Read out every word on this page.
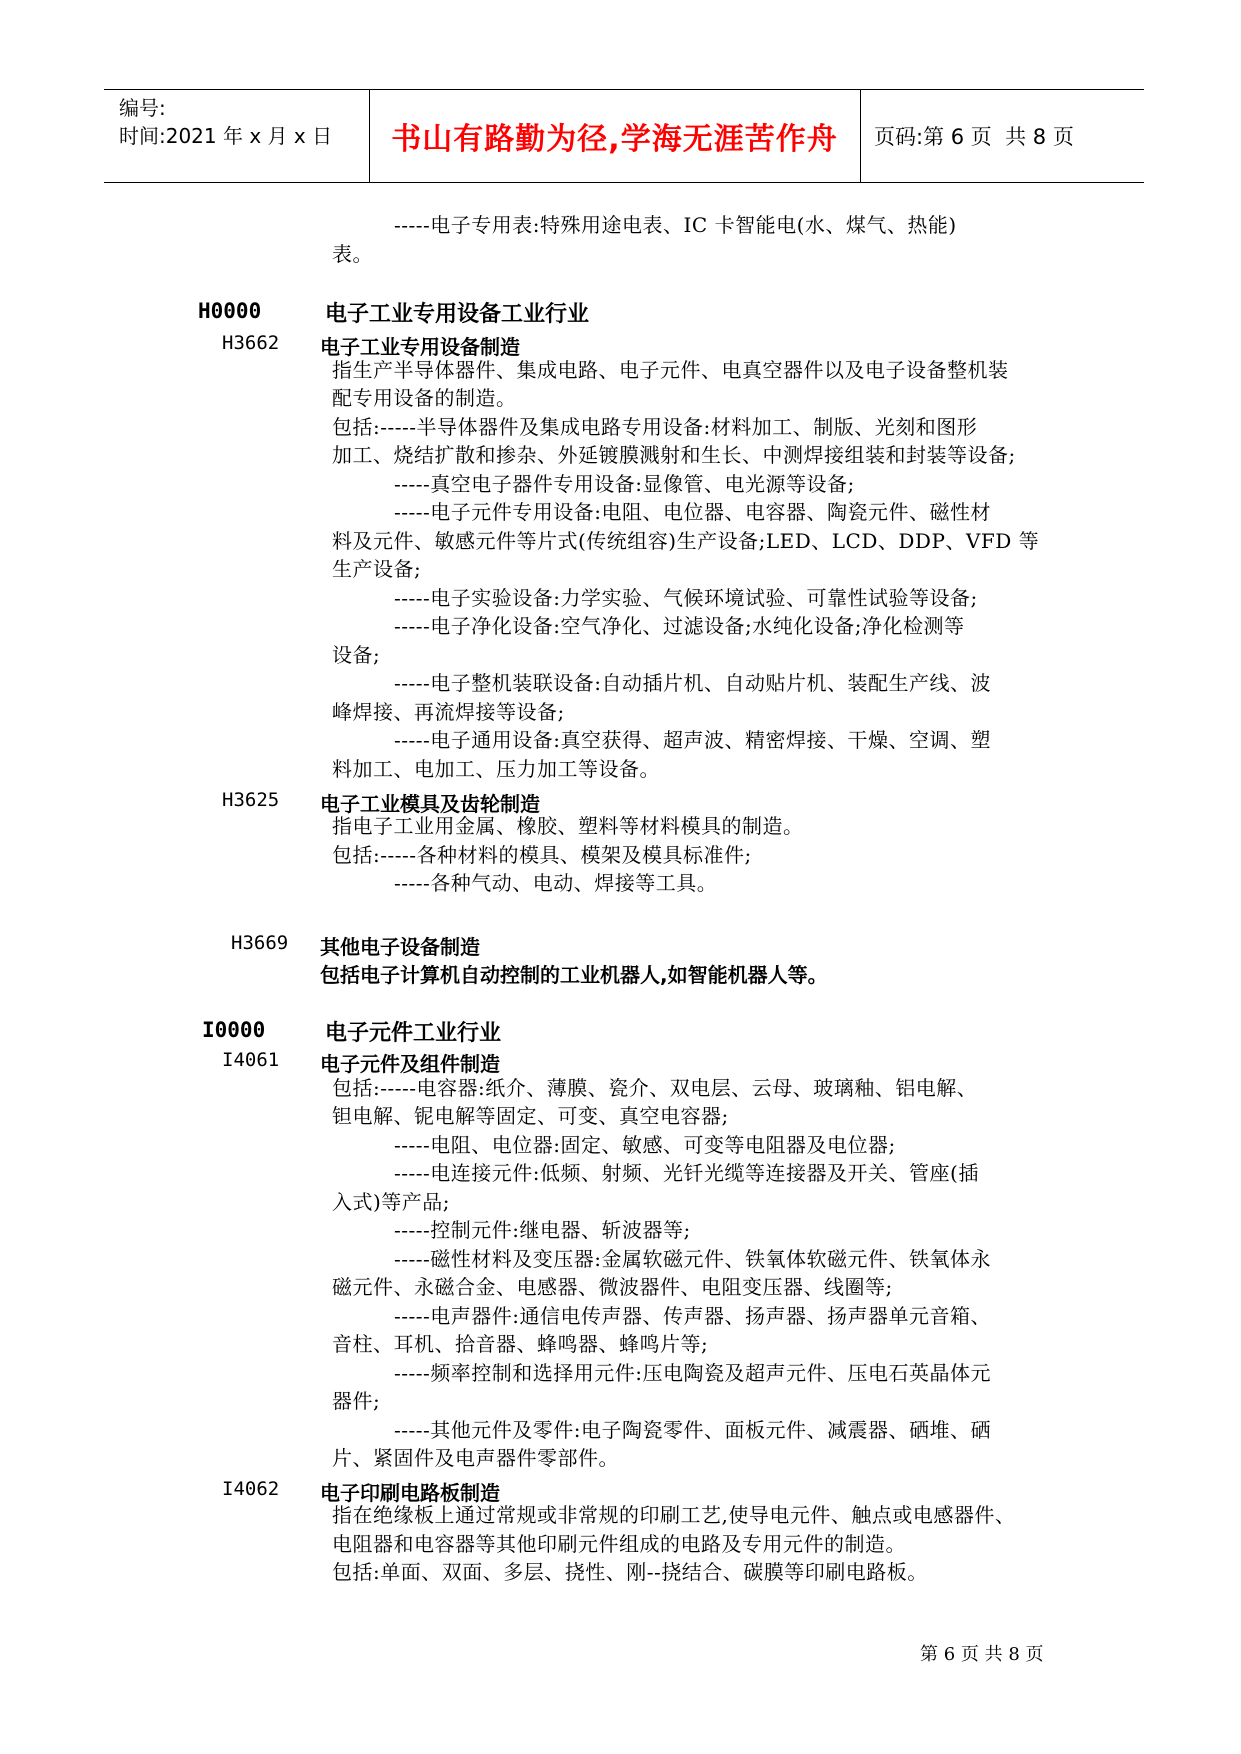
编号:
时间:2021 年 x 月 x 日	书山有路勤为径,学海无涯苦作舟	页码:第 6 页  共 8 页
-----电子专用表:特殊用途电表、IC 卡智能电(水、煤气、热能)
表。
H0000	电子工业专用设备工业行业
H3662 电子工业专用设备制造
指生产半导体器件、集成电路、电子元件、电真空器件以及电子设备整机装
配专用设备的制造。
包括:-----半导体器件及集成电路专用设备:材料加工、制版、光刻和图形
加工、烧结扩散和掺杂、外延镀膜溅射和生长、中测焊接组装和封装等设备;
-----真空电子器件专用设备:显像管、电光源等设备;
-----电子元件专用设备:电阻、电位器、电容器、陶瓷元件、磁性材
料及元件、敏感元件等片式(传统组容)生产设备;LED、LCD、DDP、VFD 等
生产设备;
-----电子实验设备:力学实验、气候环境试验、可靠性试验等设备;
-----电子净化设备:空气净化、过滤设备;水纯化设备;净化检测等
设备;
-----电子整机装联设备:自动插片机、自动贴片机、装配生产线、波
峰焊接、再流焊接等设备;
-----电子通用设备:真空获得、超声波、精密焊接、干燥、空调、塑
料加工、电加工、压力加工等设备。
H3625 电子工业模具及齿轮制造
指电子工业用金属、橡胶、塑料等材料模具的制造。
包括:-----各种材料的模具、模架及模具标准件;
-----各种气动、电动、焊接等工具。
H3669 其他电子设备制造
包括电子计算机自动控制的工业机器人,如智能机器人等。
I0000	电子元件工业行业
I4061 电子元件及组件制造
包括:-----电容器:纸介、薄膜、瓷介、双电层、云母、玻璃釉、铝电解、
钽电解、铌电解等固定、可变、真空电容器;
-----电阻、电位器:固定、敏感、可变等电阻器及电位器;
-----电连接元件:低频、射频、光钎光缆等连接器及开关、管座(插
入式)等产品;
-----控制元件:继电器、斩波器等;
-----磁性材料及变压器:金属软磁元件、铁氧体软磁元件、铁氧体永
磁元件、永磁合金、电感器、微波器件、电阻变压器、线圈等;
-----电声器件:通信电传声器、传声器、扬声器、扬声器单元音箱、
音柱、耳机、拾音器、蜂鸣器、蜂鸣片等;
-----频率控制和选择用元件:压电陶瓷及超声元件、压电石英晶体元
器件;
-----其他元件及零件:电子陶瓷零件、面板元件、减震器、硒堆、硒
片、紧固件及电声器件零部件。
I4062 电子印刷电路板制造
指在绝缘板上通过常规或非常规的印刷工艺,使导电元件、触点或电感器件、
电阻器和电容器等其他印刷元件组成的电路及专用元件的制造。
包括:单面、双面、多层、挠性、刚--挠结合、碳膜等印刷电路板。
第 6 页 共 8 页
